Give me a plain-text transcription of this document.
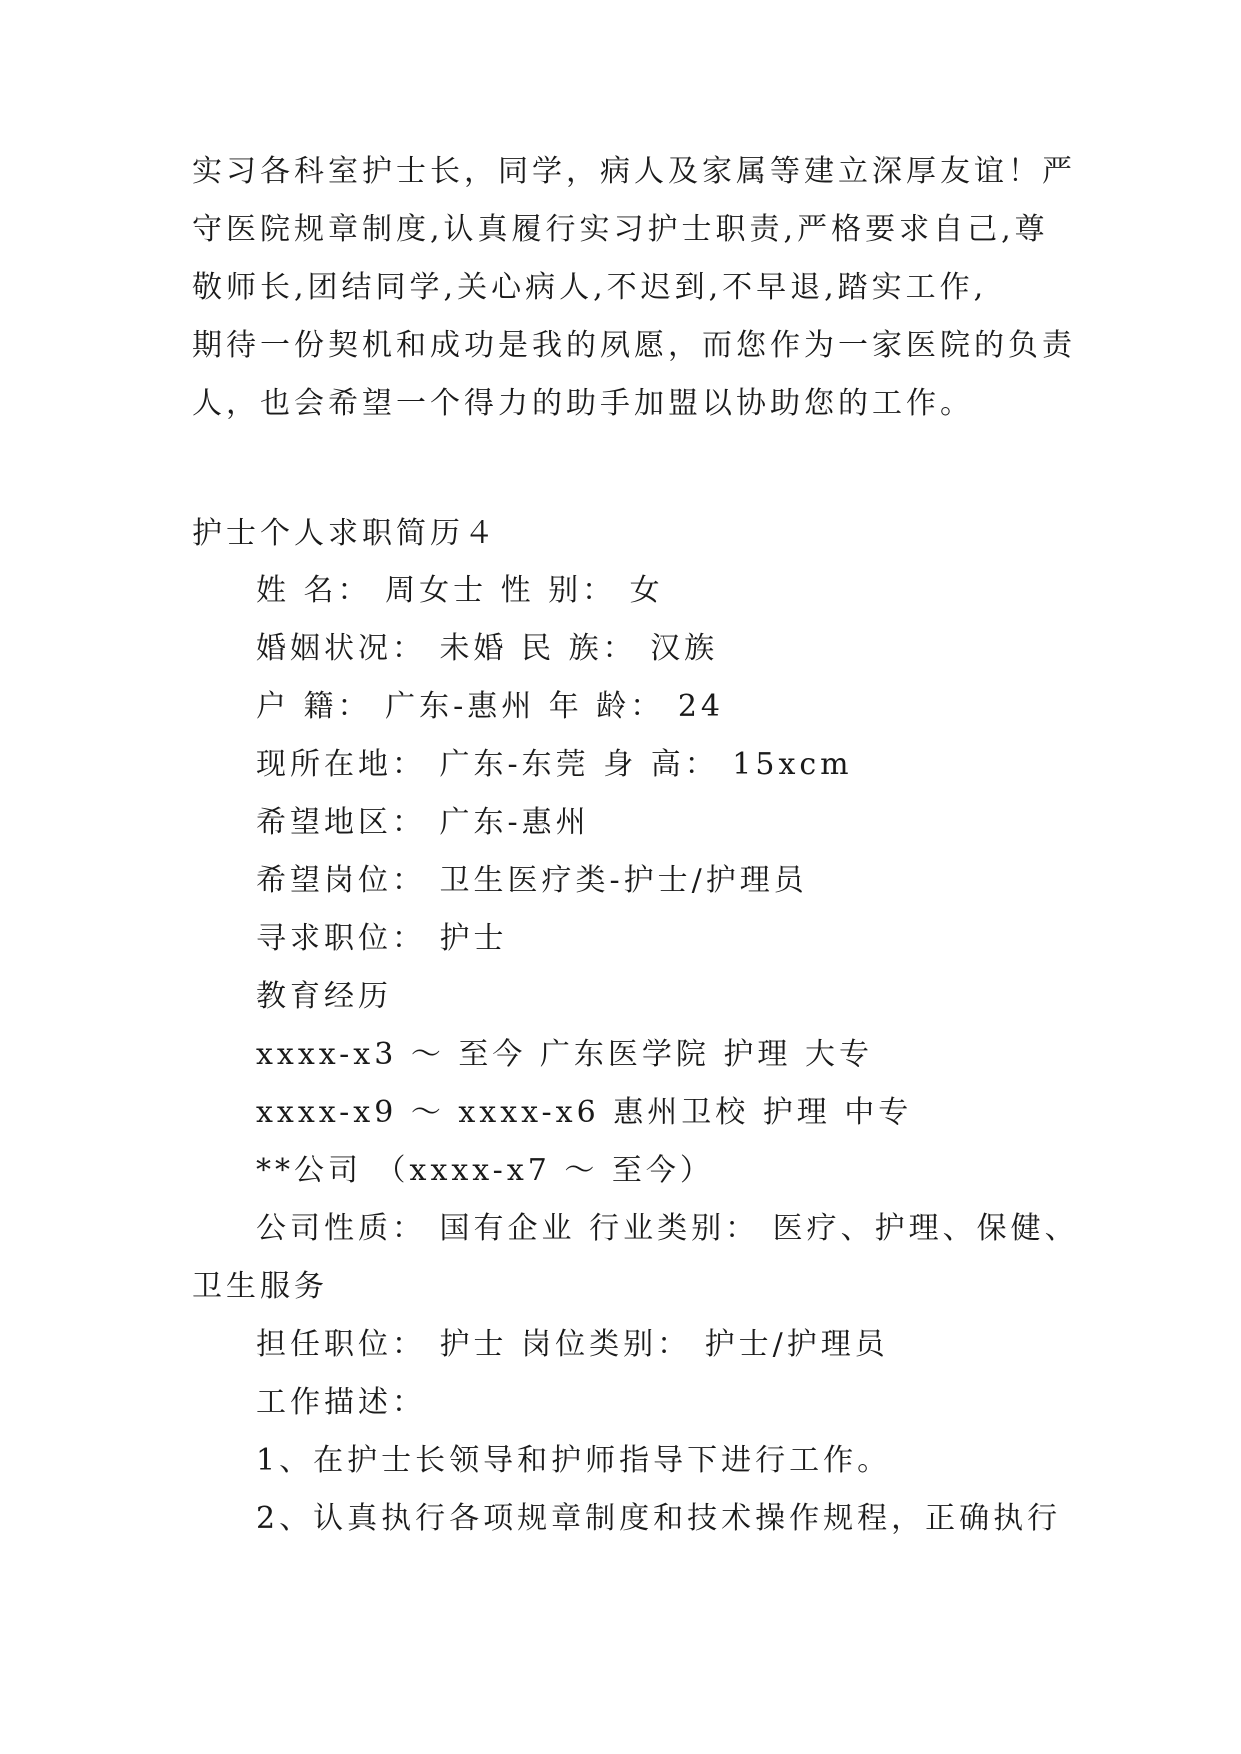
实习各科室护士长，同学，病人及家属等建立深厚友谊！严
守医院规章制度,认真履行实习护士职责,严格要求自己,尊
敬师长,团结同学,关心病人,不迟到,不早退,踏实工作,
期待一份契机和成功是我的夙愿，而您作为一家医院的负责
人，也会希望一个得力的助手加盟以协助您的工作。
护士个人求职简历４
姓 名： 周女士 性 别： 女
婚姻状况： 未婚 民 族： 汉族
户 籍： 广东-惠州 年 龄： 24
现所在地： 广东-东莞 身 高： 15xcm
希望地区： 广东-惠州
希望岗位： 卫生医疗类-护士/护理员
寻求职位： 护士
教育经历
xxxx-x3 ～ 至今 广东医学院 护理 大专
xxxx-x9 ～ xxxx-x6 惠州卫校 护理 中专
**公司 （xxxx-x7 ～ 至今）
公司性质： 国有企业 行业类别： 医疗、护理、保健、
卫生服务
担任职位： 护士 岗位类别： 护士/护理员
工作描述：
1、在护士长领导和护师指导下进行工作。
2、认真执行各项规章制度和技术操作规程，正确执行
